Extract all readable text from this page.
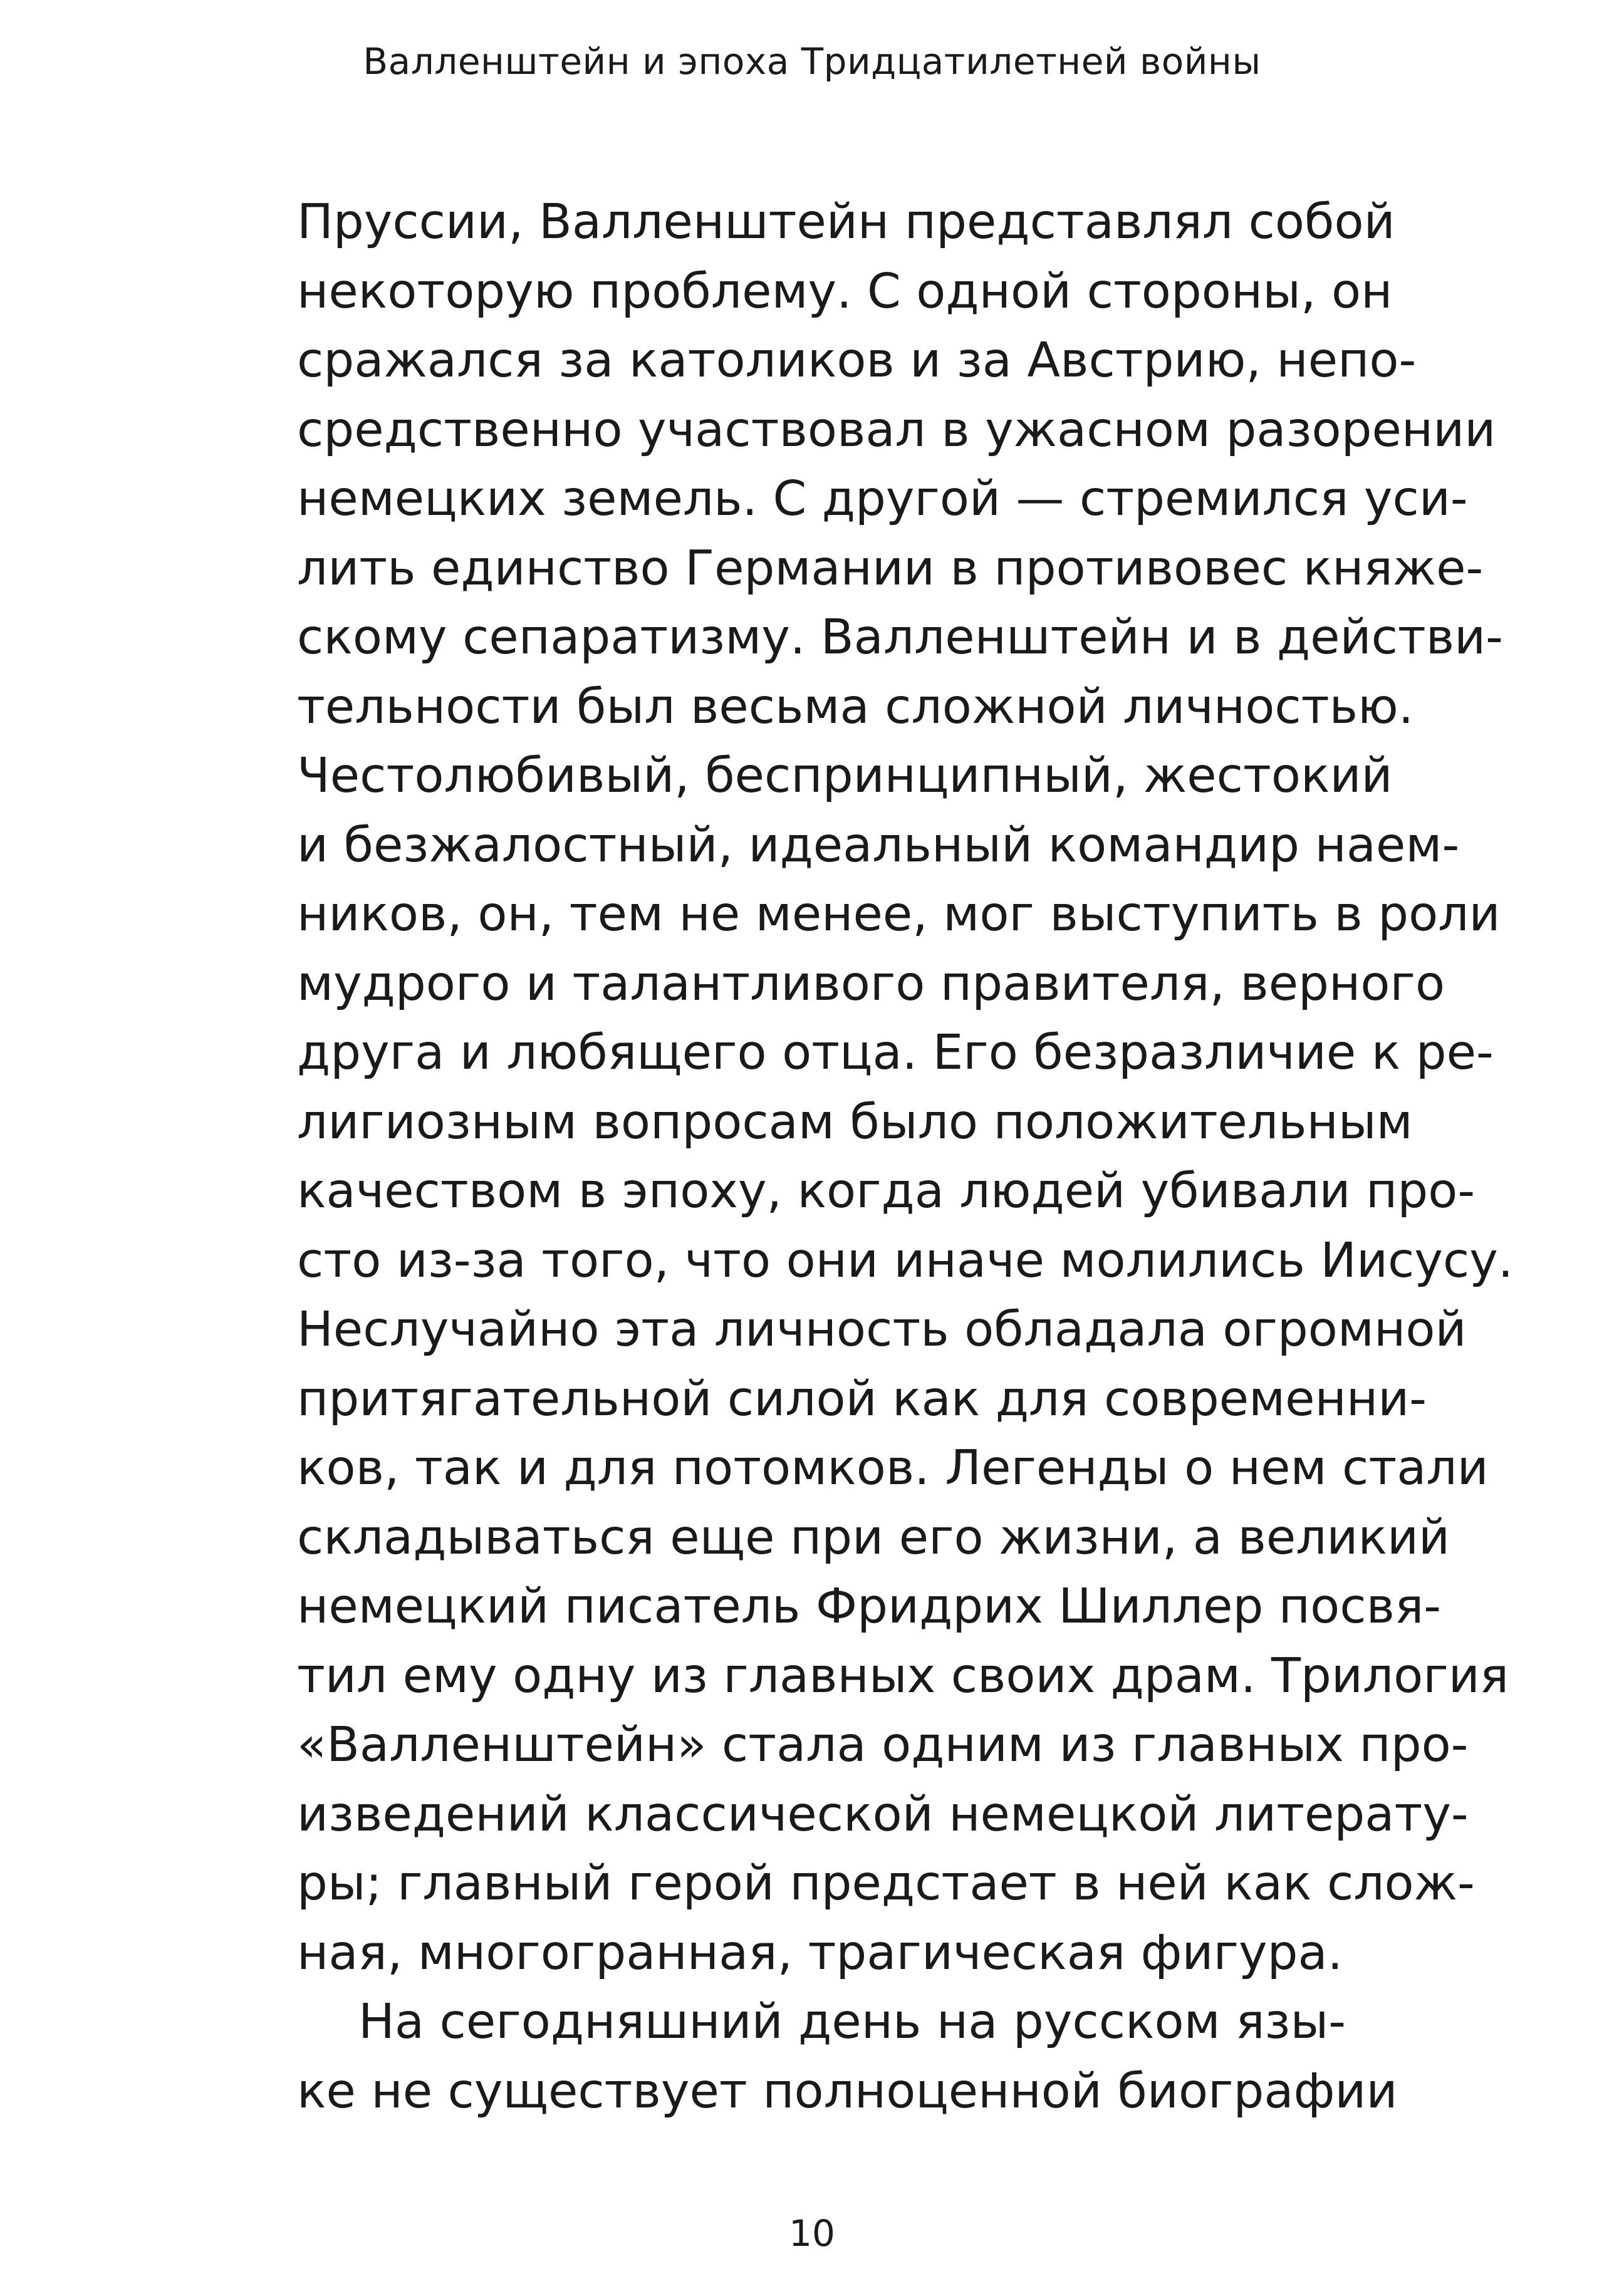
Валленштейн и эпоха Тридцатилетней войны
Пруссии, Валленштейн представлял собой
некоторую проблему. С одной стороны, он
сражался за католиков и за Австрию, непо-
средственно участвовал в ужасном разорении
немецких земель. С другой — стремился уси-
лить единство Германии в противовес княже-
скому сепаратизму. Валленштейн и в действи-
тельности был весьма сложной личностью.
Честолюбивый, беспринципный, жестокий
и безжалостный, идеальный командир наем-
ников, он, тем не менее, мог выступить в роли
мудрого и талантливого правителя, верного
друга и любящего отца. Его безразличие к ре-
лигиозным вопросам было положительным
качеством в эпоху, когда людей убивали про-
сто из-за того, что они иначе молились Иисусу.
Неслучайно эта личность обладала огромной
притягательной силой как для современни-
ков, так и для потомков. Легенды о нем стали
складываться еще при его жизни, а великий
немецкий писатель Фридрих Шиллер посвя-
тил ему одну из главных своих драм. Трилогия
«Валленштейн» стала одним из главных про-
изведений классической немецкой литерату-
ры; главный герой предстает в ней как слож-
ная, многогранная, трагическая фигура.
На сегодняшний день на русском язы-
ке не существует полноценной биографии
10
